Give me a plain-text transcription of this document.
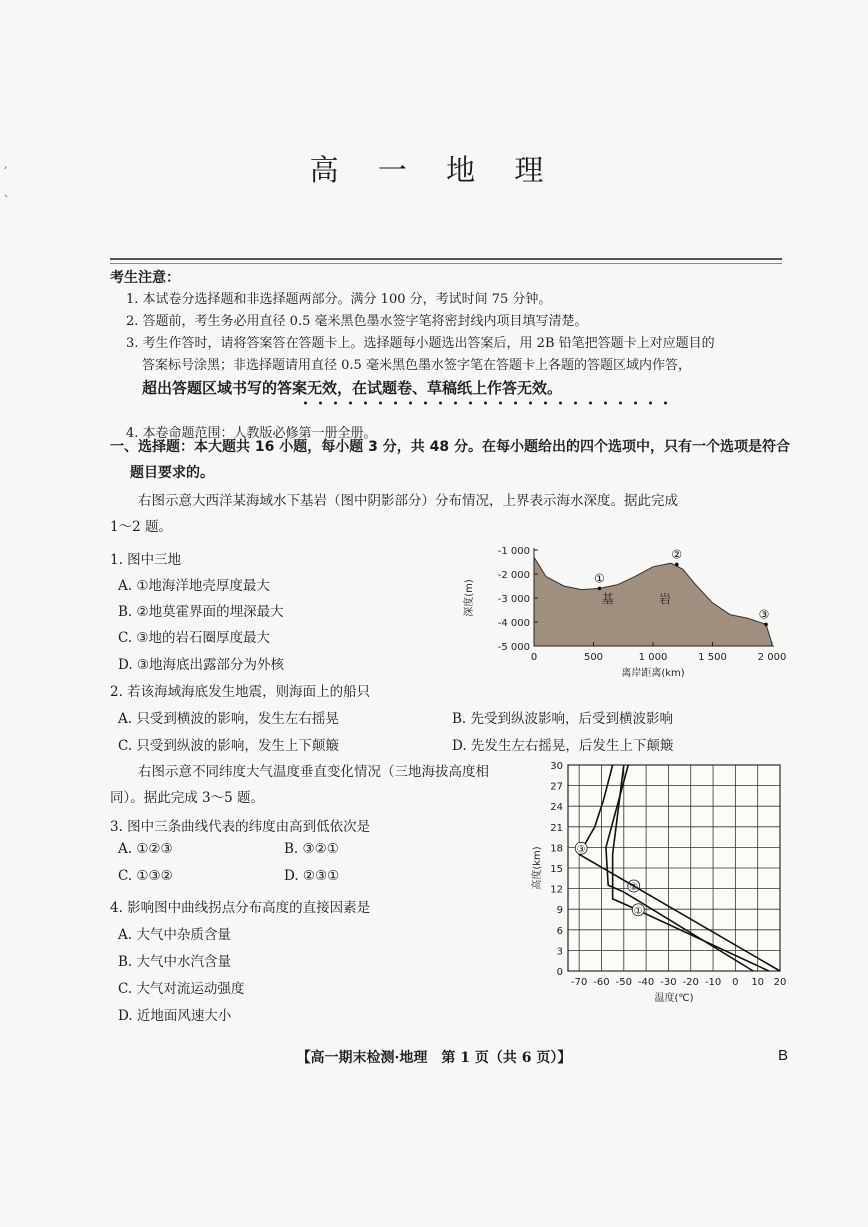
,

、
高 一 地 理
考生注意：
1. 本试卷分选择题和非选择题两部分。满分 100 分，考试时间 75 分钟。
2. 答题前，考生务必用直径 0.5 毫米黑色墨水签字笔将密封线内项目填写清楚。
3. 考生作答时，请将答案答在答题卡上。选择题每小题选出答案后，用 2B 铅笔把答题卡上对应题目的
答案标号涂黑；非选择题请用直径 0.5 毫米黑色墨水签字笔在答题卡上各题的答题区域内作答，
超出答题区域书写的答案无效，在试题卷、草稿纸上作答无效。
4. 本卷命题范围：人教版必修第一册全册。
一、选择题：本大题共 16 小题，每小题 3 分，共 48 分。在每小题给出的四个选项中，只有一个选项是符合
题目要求的。
右图示意大西洋某海域水下基岩（图中阴影部分）分布情况，上界表示海水深度。据此完成
1～2 题。
1. 图中三地
A. ①地海洋地壳厚度最大
B. ②地莫霍界面的埋深最大
C. ③地的岩石圈厚度最大
D. ③地海底出露部分为外核
-1 000
-2 000
-3 000
-4 000
-5 000
0	500	1 000	1 500	2 000
深度(m)
离岸距离(km)
基	岩
①
②
③
2. 若该海域海底发生地震，则海面上的船只
A. 只受到横波的影响，发生左右摇晃	B. 先受到纵波影响，后受到横波影响
C. 只受到纵波的影响，发生上下颠簸	D. 先发生左右摇晃，后发生上下颠簸
右图示意不同纬度大气温度垂直变化情况（三地海拔高度相
同）。据此完成 3～5 题。
3. 图中三条曲线代表的纬度由高到低依次是
A. ①②③	B. ③②①
C. ①③②	D. ②③①
4. 影响图中曲线拐点分布高度的直接因素是
A. 大气中杂质含量
B. 大气中水汽含量
C. 大气对流运动强度
D. 近地面风速大小
0
3
6
9
12
15
18
21
24
27
30
-70 -60 -50 -40 -30 -20 -10 0 10 20
高度(km)
温度(℃)
①
②
③
【高一期末检测·地理　第 1 页（共 6 页）】	B
